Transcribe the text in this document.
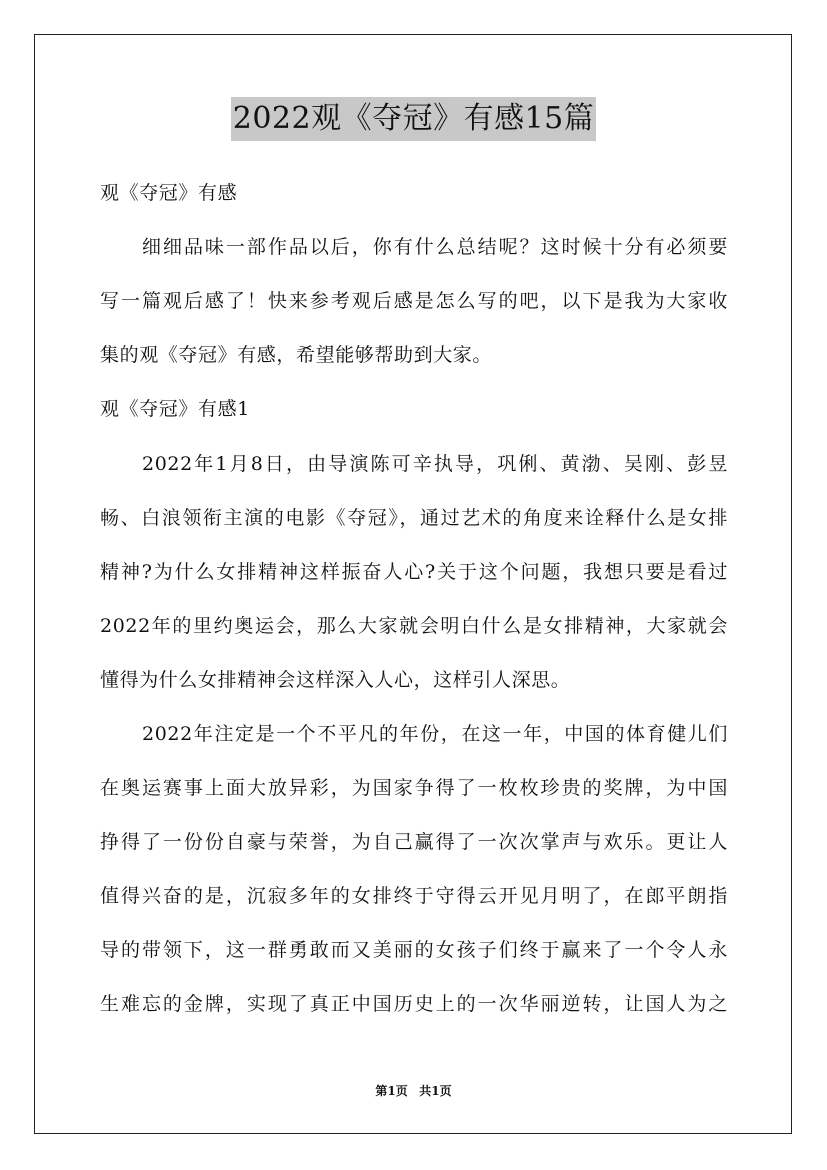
2022观《夺冠》有感15篇
观《夺冠》有感
细细品味一部作品以后，你有什么总结呢？这时候十分有必须要
写一篇观后感了！快来参考观后感是怎么写的吧，以下是我为大家收
集的观《夺冠》有感，希望能够帮助到大家。
观《夺冠》有感1
2022年1月8日，由导演陈可辛执导，巩俐、黄渤、吴刚、彭昱
畅、白浪领衔主演的电影《夺冠》，通过艺术的角度来诠释什么是女排
精神?为什么女排精神这样振奋人心?关于这个问题，我想只要是看过
2022年的里约奥运会，那么大家就会明白什么是女排精神，大家就会
懂得为什么女排精神会这样深入人心，这样引人深思。
2022年注定是一个不平凡的年份，在这一年，中国的体育健儿们
在奥运赛事上面大放异彩，为国家争得了一枚枚珍贵的奖牌，为中国
挣得了一份份自豪与荣誉，为自己赢得了一次次掌声与欢乐。更让人
值得兴奋的是，沉寂多年的女排终于守得云开见月明了，在郎平朗指
导的带领下，这一群勇敢而又美丽的女孩子们终于赢来了一个令人永
生难忘的金牌，实现了真正中国历史上的一次华丽逆转，让国人为之
第1页 共1页
